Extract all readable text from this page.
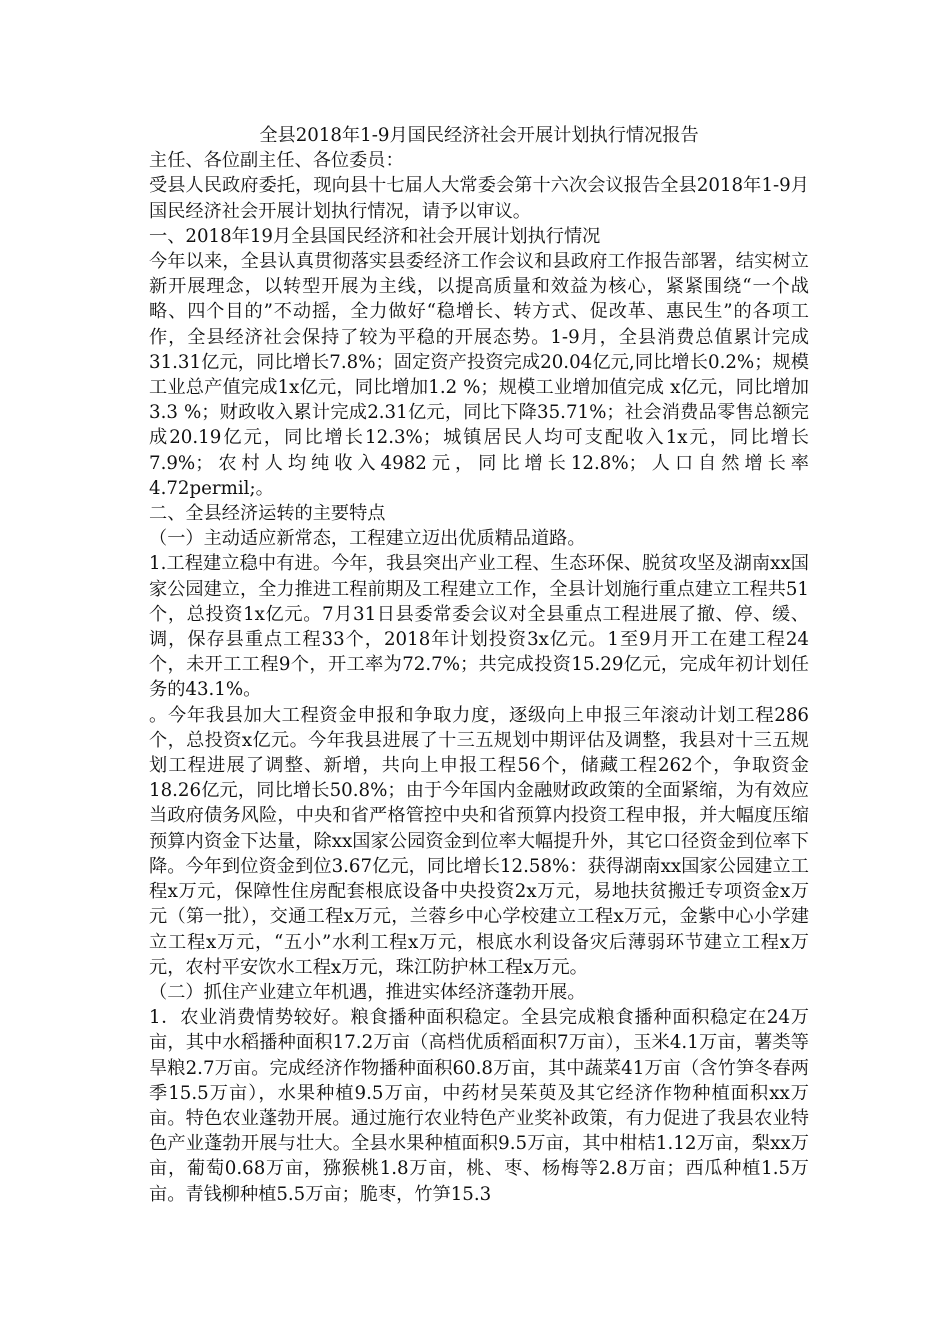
全县2018年1-9月国民经济社会开展计划执行情况报告

主任、各位副主任、各位委员：

受县人民政府委托，现向县十七届人大常委会第十六次会议报告全县2018年1-9月国民经济社会开展计划执行情况，请予以审议。

一、2018年19月全县国民经济和社会开展计划执行情况

今年以来，全县认真贯彻落实县委经济工作会议和县政府工作报告部署，结实树立新开展理念，以转型开展为主线，以提高质量和效益为核心，紧紧围绕“一个战略、四个目的”不动摇，全力做好“稳增长、转方式、促改革、惠民生”的各项工作，全县经济社会保持了较为平稳的开展态势。1-9月，全县消费总值累计完成31.31亿元，同比增长7.8%；固定资产投资完成20.04亿元,同比增长0.2%；规模工业总产值完成1x亿元，同比增加1.2 %；规模工业增加值完成 x亿元，同比增加3.3 %；财政收入累计完成2.31亿元，同比下降35.71%；社会消费品零售总额完成20.19亿元，同比增长12.3%；城镇居民人均可支配收入1x元，同比增长7.9%；农村人均纯收入4982元，同比增长12.8%；人口自然增长率4.72permil;。

二、全县经济运转的主要特点

（一）主动适应新常态，工程建立迈出优质精品道路。

1.工程建立稳中有进。今年，我县突出产业工程、生态环保、脱贫攻坚及湖南xx国家公园建立，全力推进工程前期及工程建立工作，全县计划施行重点建立工程共51个，总投资1x亿元。7月31日县委常委会议对全县重点工程进展了撤、停、缓、调，保存县重点工程33个，2018年计划投资3x亿元。1至9月开工在建工程24个，未开工工程9个，开工率为72.7%；共完成投资15.29亿元，完成年初计划任务的43.1%。

。今年我县加大工程资金申报和争取力度，逐级向上申报三年滚动计划工程286个，总投资x亿元。今年我县进展了十三五规划中期评估及调整，我县对十三五规划工程进展了调整、新增，共向上申报工程56个，储藏工程262个，争取资金18.26亿元，同比增长50.8%；由于今年国内金融财政政策的全面紧缩，为有效应当政府债务风险，中央和省严格管控中央和省预算内投资工程申报，并大幅度压缩预算内资金下达量，除xx国家公园资金到位率大幅提升外，其它口径资金到位率下降。今年到位资金到位3.67亿元，同比增长12.58%：获得湖南xx国家公园建立工程x万元，保障性住房配套根底设备中央投资2x万元，易地扶贫搬迁专项资金x万元（第一批），交通工程x万元，兰蓉乡中心学校建立工程x万元，金紫中心小学建立工程x万元，“五小”水利工程x万元，根底水利设备灾后薄弱环节建立工程x万元，农村平安饮水工程x万元，珠江防护林工程x万元。

（二）抓住产业建立年机遇，推进实体经济蓬勃开展。

1．农业消费情势较好。粮食播种面积稳定。全县完成粮食播种面积稳定在24万亩，其中水稻播种面积17.2万亩（高档优质稻面积7万亩），玉米4.1万亩，薯类等旱粮2.7万亩。完成经济作物播种面积60.8万亩，其中蔬菜41万亩（含竹笋冬春两季15.5万亩），水果种植9.5万亩，中药材吴茱萸及其它经济作物种植面积xx万亩。特色农业蓬勃开展。通过施行农业特色产业奖补政策，有力促进了我县农业特色产业蓬勃开展与壮大。全县水果种植面积9.5万亩，其中柑桔1.12万亩，梨xx万亩，葡萄0.68万亩，猕猴桃1.8万亩，桃、枣、杨梅等2.8万亩；西瓜种植1.5万亩。青钱柳种植5.5万亩；脆枣，竹笋15.3
